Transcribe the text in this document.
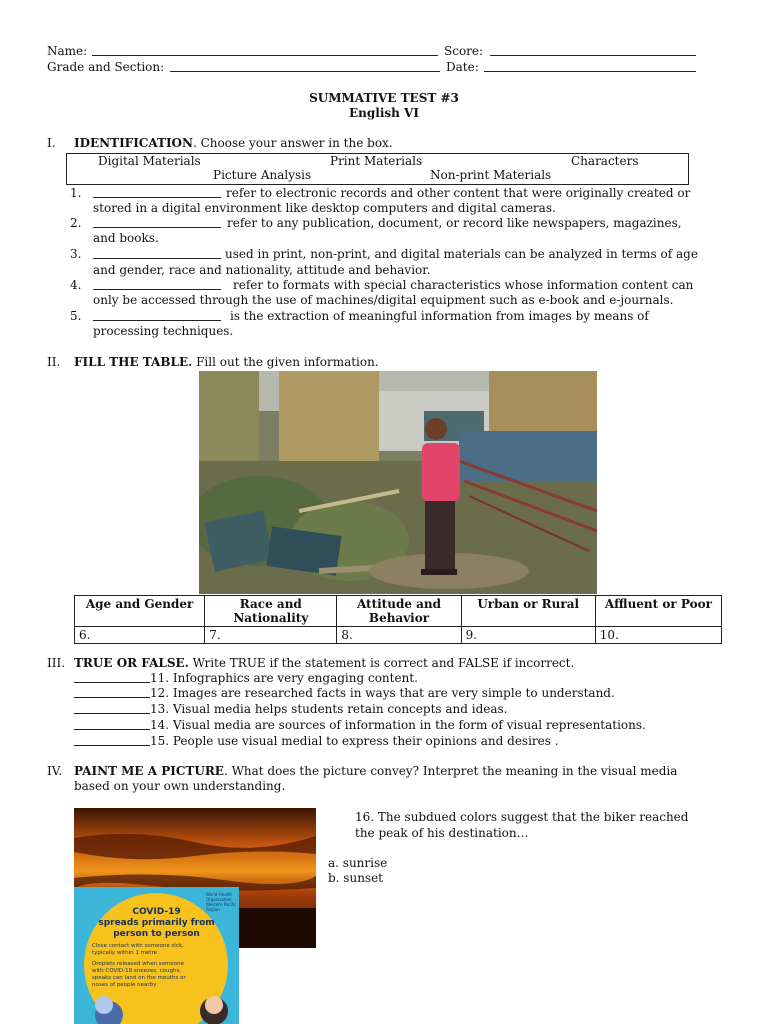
Name:	Score:
Grade and Section:	Date:
SUMMATIVE TEST #3
English VI
I. IDENTIFICATION. Choose your answer in the box.
Digital Materials	Print Materials	Characters
Picture Analysis	Non-print Materials
1.	refer to electronic records and other content that were originally created or
stored in a digital environment like desktop computers and digital cameras.
2.	refer to any publication, document, or record like newspapers, magazines,
and books.
3.	used in print, non-print, and digital materials can be analyzed in terms of age
and gender, race and nationality, attitude and behavior.
4.	refer to formats with special characteristics whose information content can
only be accessed through the use of machines/digital equipment such as e-book and e-journals.
5.	is the extraction of meaningful information from images by means of
processing techniques.
II. FILL THE TABLE. Fill out the given information.
Age and Gender	Race and Nationality	Attitude and Behavior	Urban or Rural	Affluent or Poor
6.	7.	8.	9.	10.
III. TRUE OR FALSE. Write TRUE if the statement is correct and FALSE if incorrect.
11. Infographics are very engaging content.
12. Images are researched facts in ways that are very simple to understand.
13. Visual media helps students retain concepts and ideas.
14. Visual media are sources of information in the form of visual representations.
15. People use visual medial to express their opinions and desires .
IV. PAINT ME A PICTURE. What does the picture convey? Interpret the meaning in the visual media
based on your own understanding.
World Health
Organization
Western Pacific Region
COVID-19
spreads primarily from
person to person
Close contact with someone sick,
typically within 1 metre
Droplets released when someone
with COVID-19 sneezes, coughs,
speaks can land on the mouths or
noses of people nearby
16. The subdued colors suggest that the biker reached
the peak of his destination…
a. sunrise
b. sunset
